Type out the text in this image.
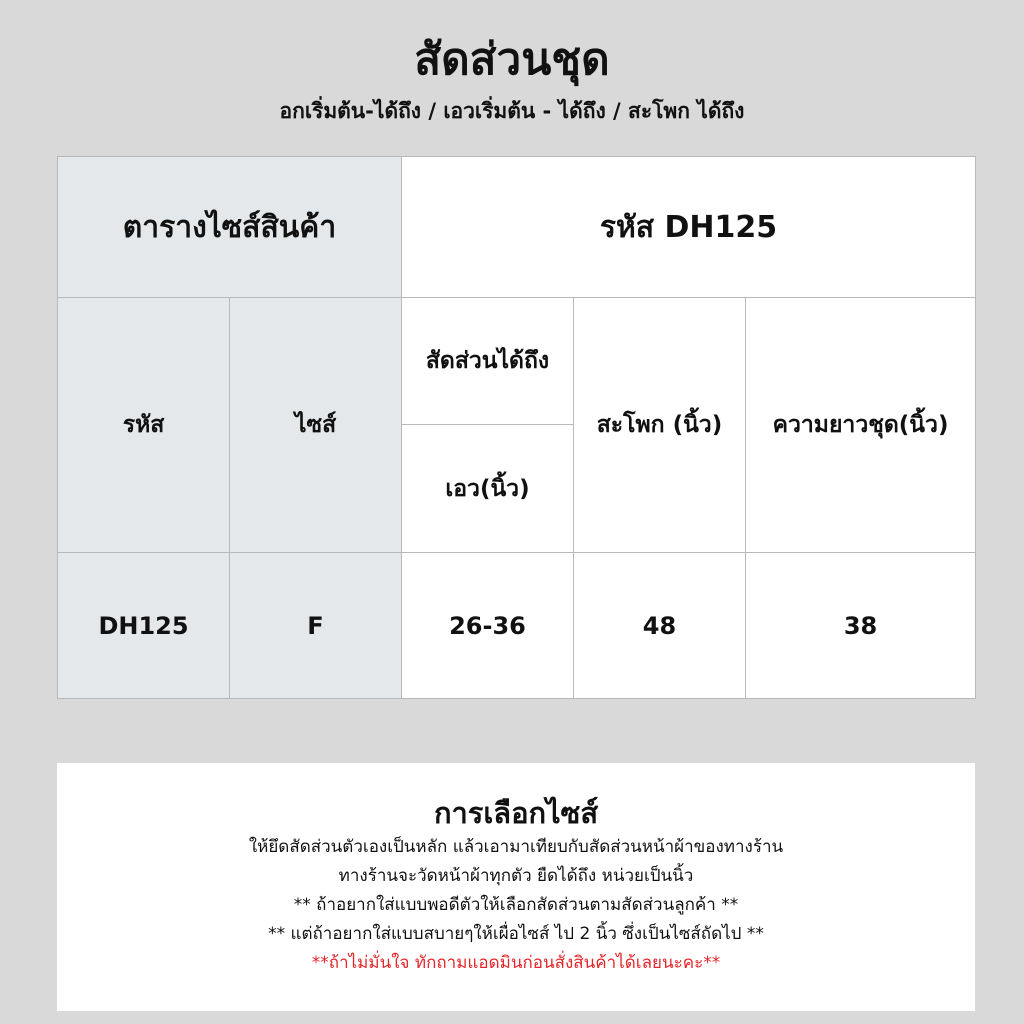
สัดส่วนชุด
อกเริ่มต้น-ได้ถึง / เอวเริ่มต้น - ได้ถึง / สะโพก ได้ถึง
ตารางไซส์สินค้า		รหัส DH125		
รหัส	ไซส์	สัดส่วนได้ถึง	สะโพก (นิ้ว)	ความยาวชุด(นิ้ว)
		เอว(นิ้ว)		
DH125	F	26-36	48	38
การเลือกไซส์
ให้ยึดสัดส่วนตัวเองเป็นหลัก แล้วเอามาเทียบกับสัดส่วนหน้าผ้าของทางร้าน
ทางร้านจะวัดหน้าผ้าทุกตัว ยืดได้ถึง หน่วยเป็นนิ้ว
** ถ้าอยากใส่แบบพอดีตัวให้เลือกสัดส่วนตามสัดส่วนลูกค้า **
** แต่ถ้าอยากใส่แบบสบายๆให้เผื่อไซส์ ไป 2 นิ้ว ซึ่งเป็นไซส์ถัดไป **
**ถ้าไม่มั่นใจ ทักถามแอดมินก่อนสั่งสินค้าได้เลยนะคะ**
